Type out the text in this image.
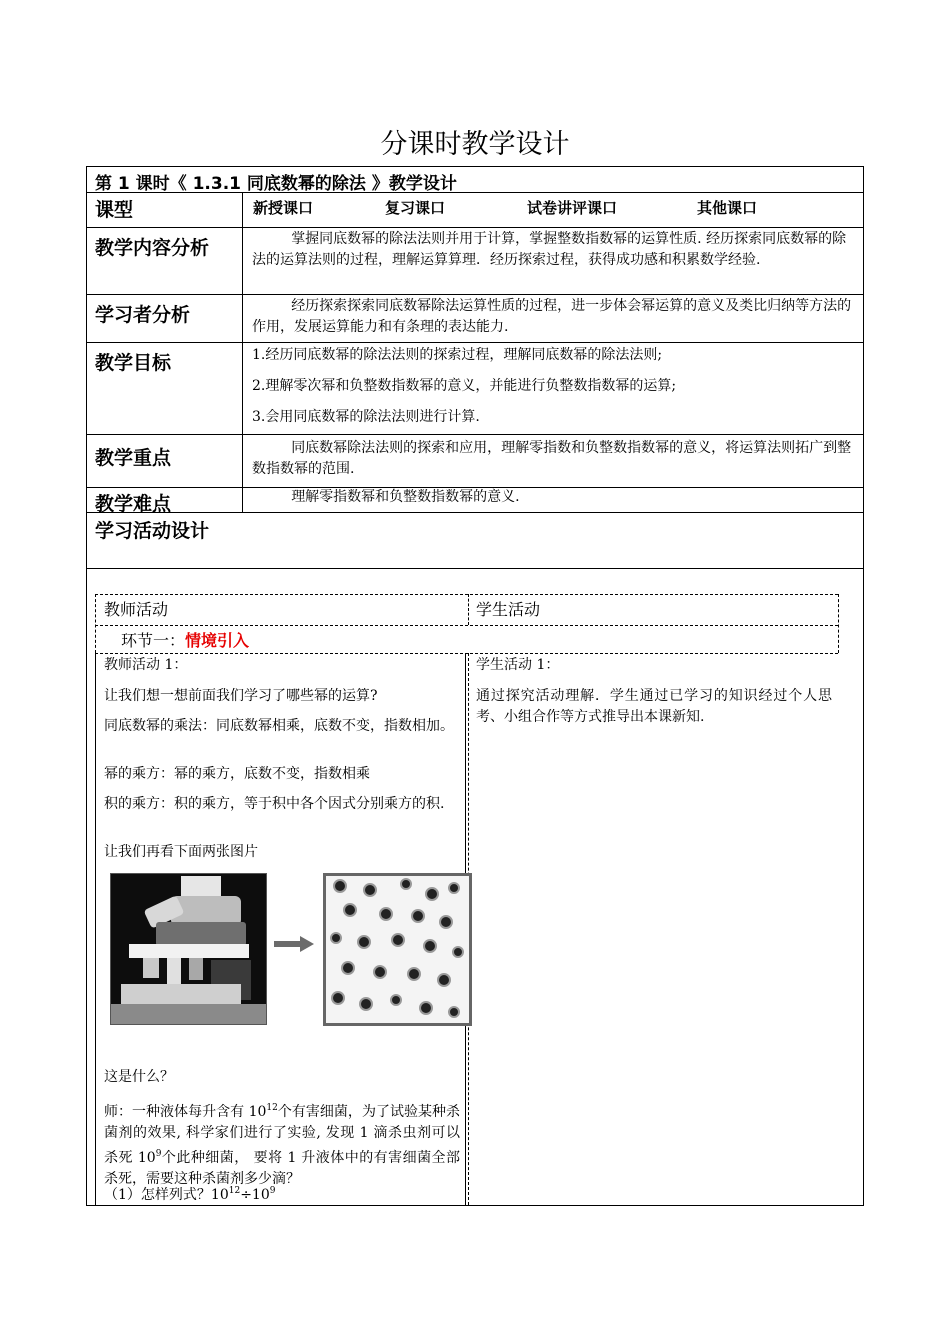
分课时教学设计
第 1 课时《 1.3.1 同底数幂的除法 》教学设计
课型	新授课口	复习课口	试卷讲评课口	其他课口
教学内容分析	掌握同底数幂的除法法则并用于计算，掌握整数指数幂的运算性质. 经历探索同底数幂的除法的运算法则的过程，理解运算算理．经历探索过程，获得成功感和积累数学经验.
学习者分析	经历探索探索同底数幂除法运算性质的过程，进一步体会幂运算的意义及类比归纳等方法的作用，发展运算能力和有条理的表达能力.
教学目标	1.经历同底数幂的除法法则的探索过程，理解同底数幂的除法法则;
2.理解零次幂和负整数指数幂的意义，并能进行负整数指数幂的运算;
3.会用同底数幂的除法法则进行计算.
教学重点	同底数幂除法法则的探索和应用，理解零指数和负整数指数幂的意义，将运算法则拓广到整数指数幂的范围.
教学难点	理解零指数幂和负整数指数幂的意义.
学习活动设计
教师活动	学生活动
环节一：情境引入
教师活动 1：
让我们想一想前面我们学习了哪些幂的运算?
同底数幂的乘法：同底数幂相乘，底数不变，指数相加。
幂的乘方：幂的乘方，底数不变，指数相乘
积的乘方：积的乘方，等于积中各个因式分别乘方的积.
让我们再看下面两张图片
这是什么？
师：一种液体每升含有 $10^{12}$个有害细菌，为了试验某种杀菌剂的效果, 科学家们进行了实验, 发现 1 滴杀虫剂可以杀死 $10^9$个此种细菌， 要将 1 升液体中的有害细菌全部杀死，需要这种杀菌剂多少滴？
（1）怎样列式？$10^{12}\div 10^9$
学生活动 1：
通过探究活动理解．学生通过已学习的知识经过个人思考、小组合作等方式推导出本课新知.
